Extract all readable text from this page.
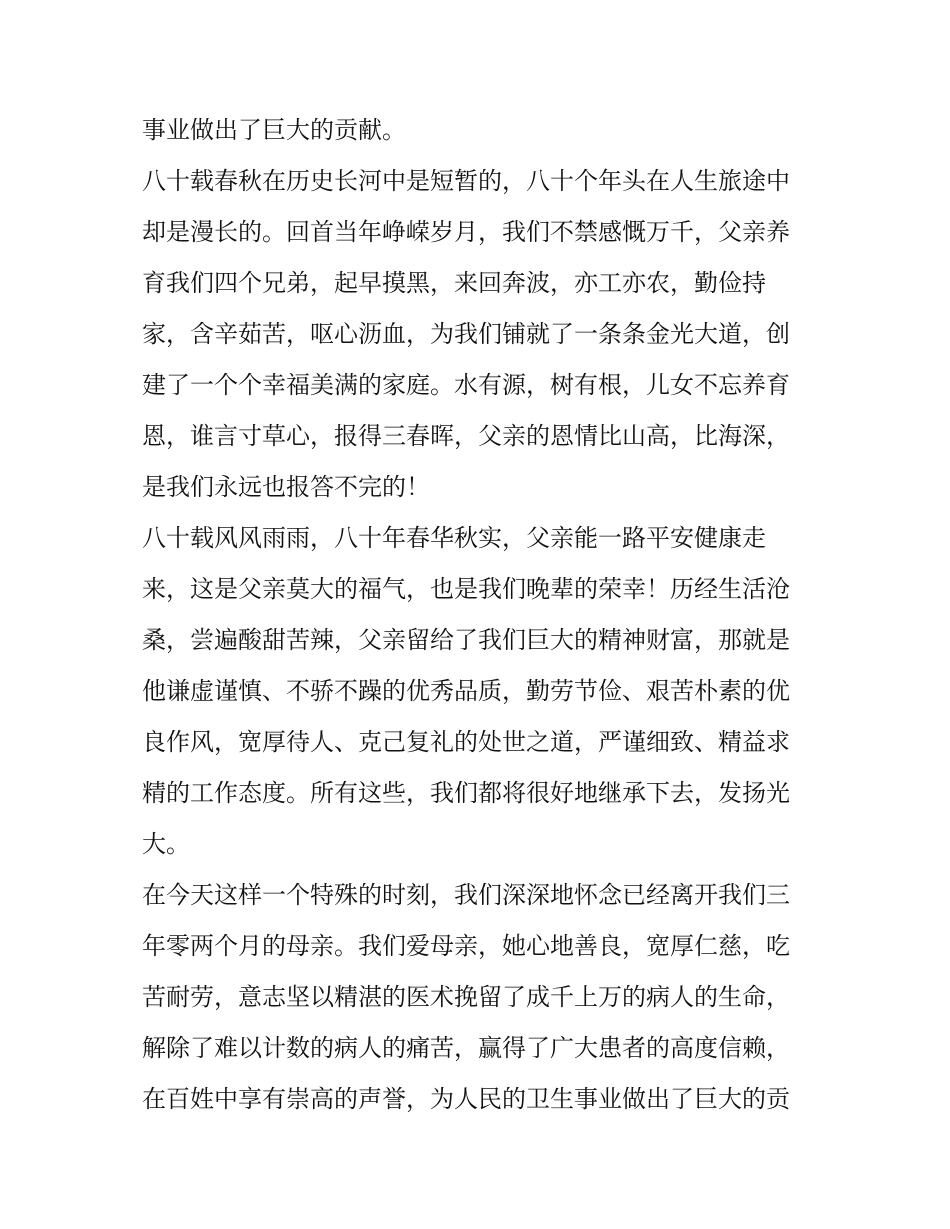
事业做出了巨大的贡献。
八十载春秋在历史长河中是短暂的，八十个年头在人生旅途中
却是漫长的。回首当年峥嵘岁月，我们不禁感慨万千，父亲养
育我们四个兄弟，起早摸黑，来回奔波，亦工亦农，勤俭持
家，含辛茹苦，呕心沥血，为我们铺就了一条条金光大道，创
建了一个个幸福美满的家庭。水有源，树有根，儿女不忘养育
恩，谁言寸草心，报得三春晖，父亲的恩情比山高，比海深，
是我们永远也报答不完的！
八十载风风雨雨，八十年春华秋实，父亲能一路平安健康走
来，这是父亲莫大的福气，也是我们晚辈的荣幸！历经生活沧
桑，尝遍酸甜苦辣，父亲留给了我们巨大的精神财富，那就是
他谦虚谨慎、不骄不躁的优秀品质，勤劳节俭、艰苦朴素的优
良作风，宽厚待人、克己复礼的处世之道，严谨细致、精益求
精的工作态度。所有这些，我们都将很好地继承下去，发扬光
大。
在今天这样一个特殊的时刻，我们深深地怀念已经离开我们三
年零两个月的母亲。我们爱母亲，她心地善良，宽厚仁慈，吃
苦耐劳，意志坚以精湛的医术挽留了成千上万的病人的生命，
解除了难以计数的病人的痛苦，赢得了广大患者的高度信赖，
在百姓中享有崇高的声誉，为人民的卫生事业做出了巨大的贡
